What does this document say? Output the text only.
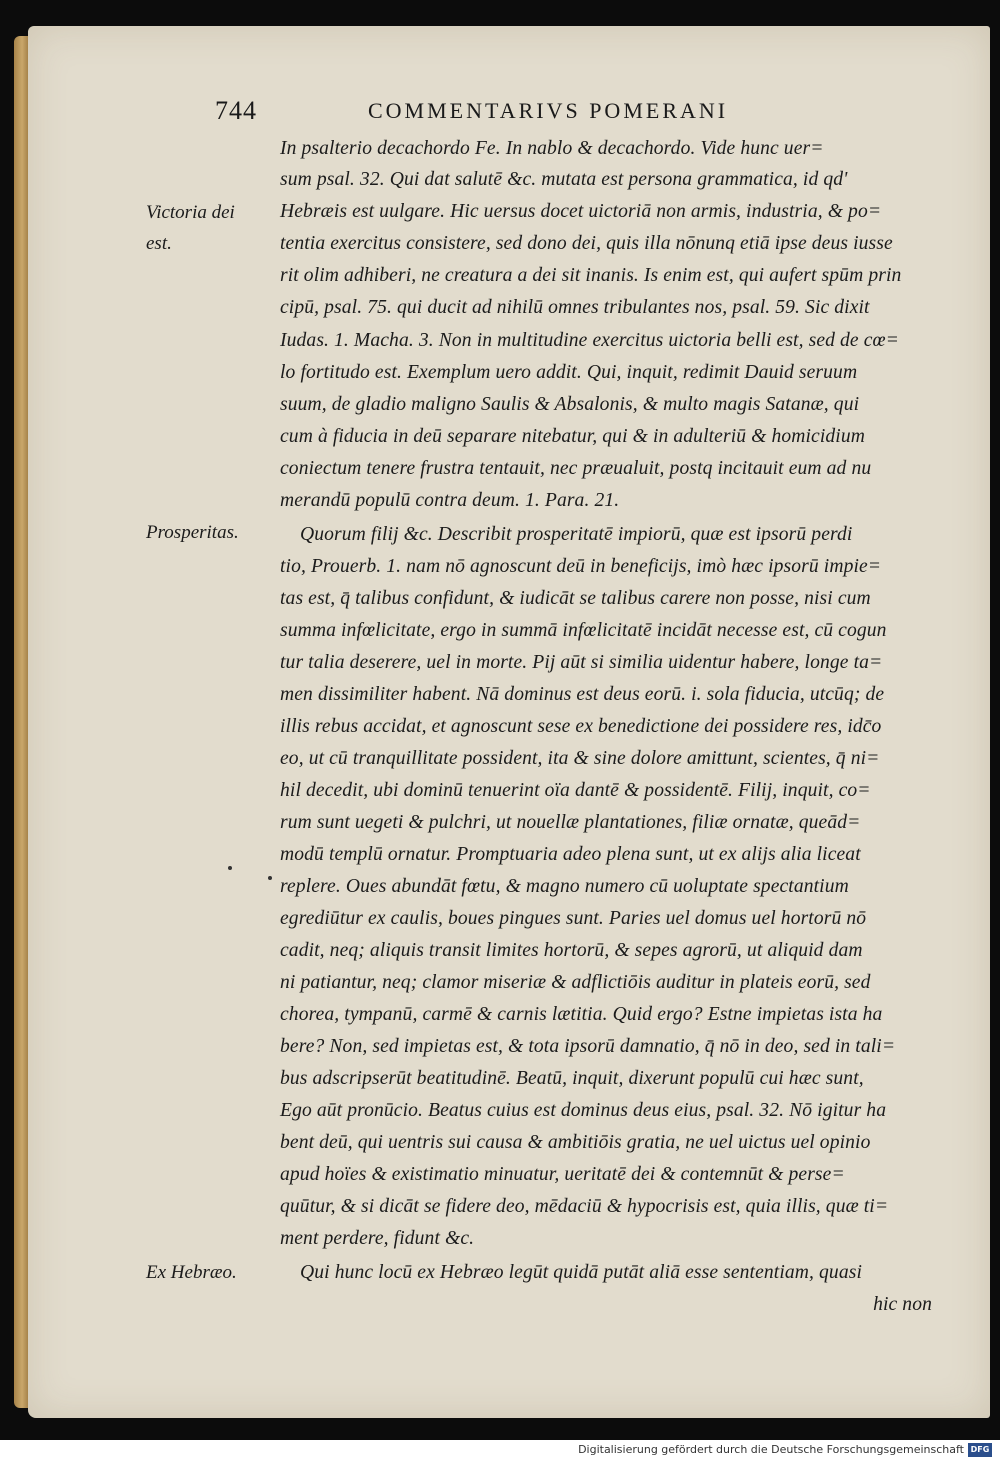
744	COMMENTARIVS POMERANI
In psalterio decachordo Fe. In nablo & decachordo. Vide hunc uer=
sum psal. 32. Qui dat salutē &c. mutata est persona grammatica, id qd'
Hebræis est uulgare. Hic uersus docet uictoriā non armis, industria, & po=
tentia exercitus consistere, sed dono dei, quis illa nōnunq etiā ipse deus iusse
rit olim adhiberi, ne creatura a dei sit inanis. Is enim est, qui aufert spūm prin
cipū, psal. 75. qui ducit ad nihilū omnes tribulantes nos, psal. 59. Sic dixit
Iudas. 1. Macha. 3. Non in multitudine exercitus uictoria belli est, sed de cœ=
lo fortitudo est. Exemplum uero addit. Qui, inquit, redimit Dauid seruum
suum, de gladio maligno Saulis & Absalonis, & multo magis Satanæ, qui
cum à fiducia in deū separare nitebatur, qui & in adulteriū & homicidium
coniectum tenere frustra tentauit, nec præualuit, postq incitauit eum ad nu
merandū populū contra deum. 1. Para. 21.
Quorum filij &c. Describit prosperitatē impiorū, quæ est ipsorū perdi
tio, Prouerb. 1. nam nō agnoscunt deū in beneficijs, imò hæc ipsorū impie=
tas est, q̄ talibus confidunt, & iudicāt se talibus carere non posse, nisi cum
summa infœlicitate, ergo in summā infœlicitatē incidāt necesse est, cū cogun
tur talia deserere, uel in morte. Pij aūt si similia uidentur habere, longe ta=
men dissimiliter habent. Nā dominus est deus eorū. i. sola fiducia, utcūq; de
illis rebus accidat, et agnoscunt sese ex benedictione dei possidere res, idc̄o
eo, ut cū tranquillitate possident, ita & sine dolore amittunt, scientes, q̄ ni=
hil decedit, ubi dominū tenuerint oïa dantē & possidentē. Filij, inquit, co=
rum sunt uegeti & pulchri, ut nouellæ plantationes, filiæ ornatæ, queād=
modū templū ornatur. Promptuaria adeo plena sunt, ut ex alijs alia liceat
replere. Oues abundāt fœtu, & magno numero cū uoluptate spectantium
egrediūtur ex caulis, boues pingues sunt. Paries uel domus uel hortorū nō
cadit, neq; aliquis transit limites hortorū, & sepes agrorū, ut aliquid dam
ni patiantur, neq; clamor miseriæ & adflictiōis auditur in plateis eorū, sed
chorea, tympanū, carmē & carnis lætitia. Quid ergo? Estne impietas ista ha
bere? Non, sed impietas est, & tota ipsorū damnatio, q̄ nō in deo, sed in tali=
bus adscripserūt beatitudinē. Beatū, inquit, dixerunt populū cui hæc sunt,
Ego aūt pronūcio. Beatus cuius est dominus deus eius, psal. 32. Nō igitur ha
bent deū, qui uentris sui causa & ambitiōis gratia, ne uel uictus uel opinio
apud hoïes & existimatio minuatur, ueritatē dei & contemnūt & perse=
quūtur, & si dicāt se fidere deo, mēdaciū & hypocrisis est, quia illis, quæ ti=
ment perdere, fidunt &c.
Qui hunc locū ex Hebræo legūt quidā putāt aliā esse sententiam, quasi
hic non
Victoria dei
est.
Prosperitas.
Ex Hebræo.
Digitalisierung gefördert durch die Deutsche Forschungsgemeinschaft DFG
